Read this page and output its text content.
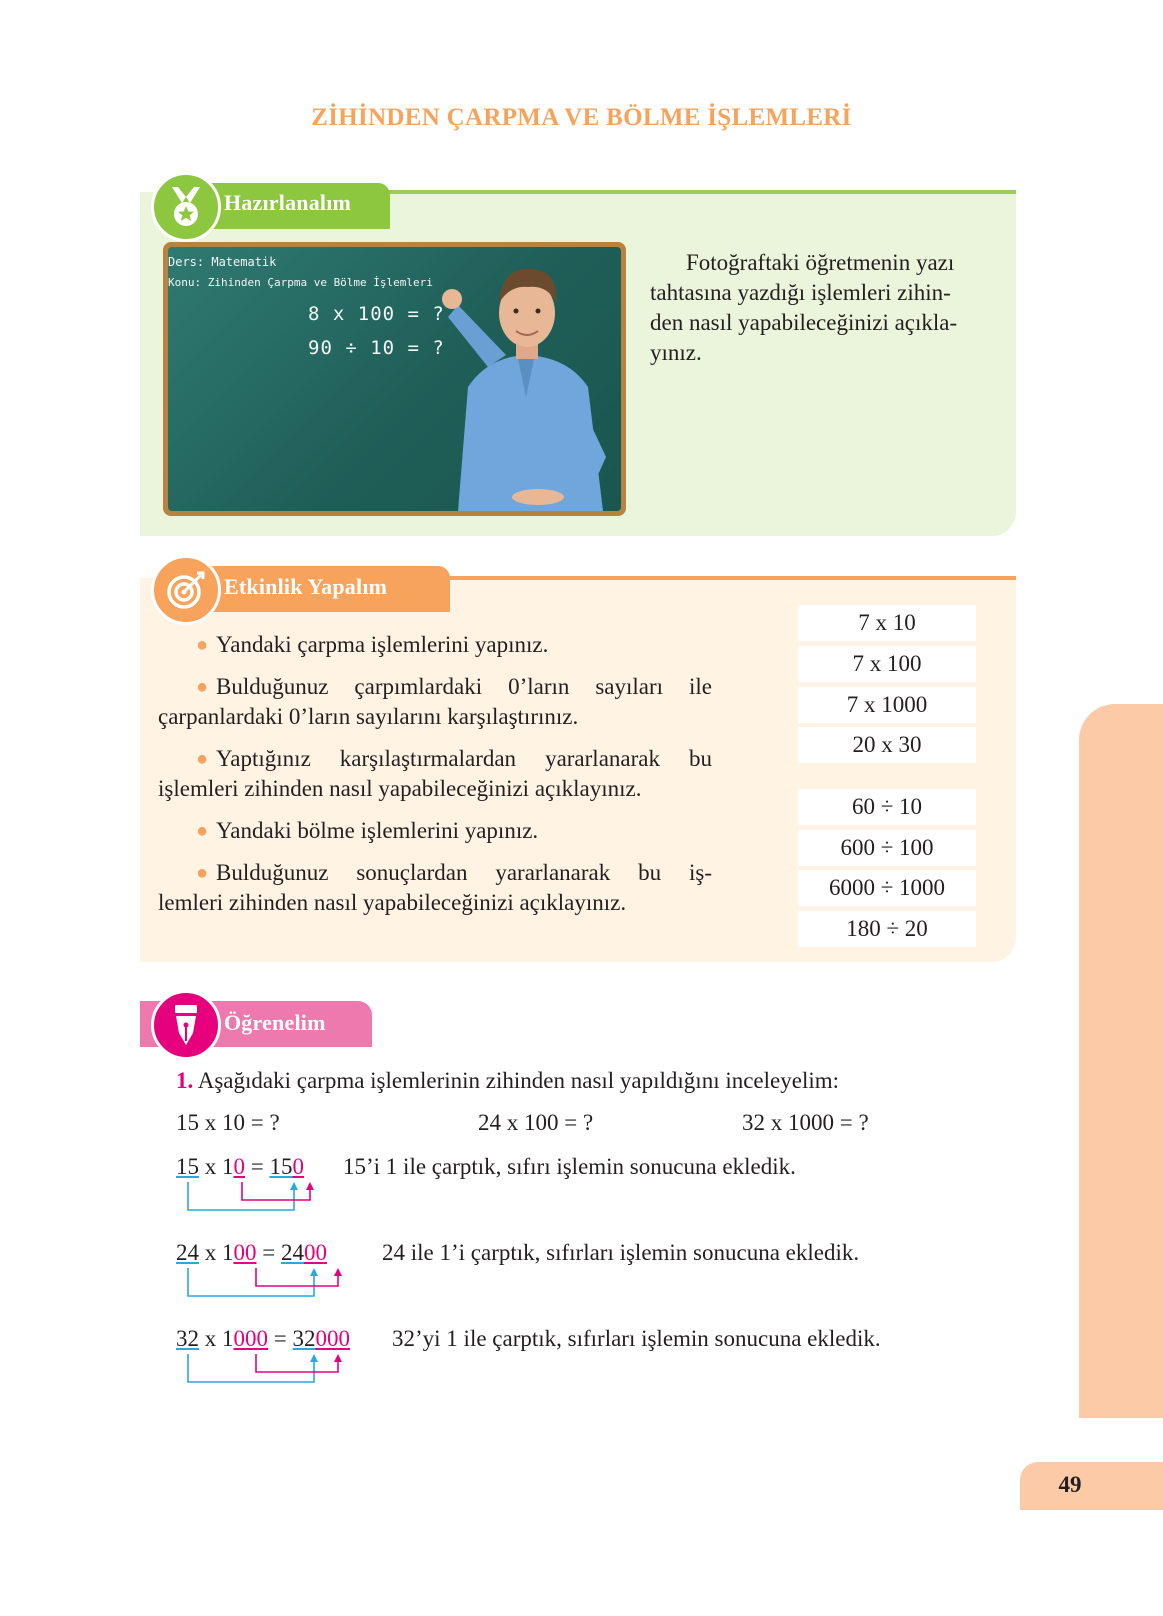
ZİHİNDEN ÇARPMA VE BÖLME İŞLEMLERİ
Hazırlanalım
Ders: Matematik
Konu: Zihinden Çarpma ve Bölme İşlemleri
8 x 100 = ?
90 ÷ 10 = ?
Fotoğraftaki öğretmenin yazı
tahtasına yazdığı işlemleri zihin-
den nasıl yapabileceğinizi açıkla-
yınız.
Etkinlik Yapalım
● Yandaki çarpma işlemlerini yapınız.
● Bulduğunuz çarpımlardaki 0’ların sayıları ile
çarpanlardaki 0’ların sayılarını karşılaştırınız.
● Yaptığınız karşılaştırmalardan yararlanarak bu
işlemleri zihinden nasıl yapabileceğinizi açıklayınız.
● Yandaki bölme işlemlerini yapınız.
● Bulduğunuz sonuçlardan yararlanarak bu iş-
lemleri zihinden nasıl yapabileceğinizi açıklayınız.
7 x 10
7 x 100
7 x 1000
20 x 30
60 ÷ 10
600 ÷ 100
6000 ÷ 1000
180 ÷ 20
Öğrenelim
1. Aşağıdaki çarpma işlemlerinin zihinden nasıl yapıldığını inceleyelim:
15 x 10 = ?	24 x 100 = ?	32 x 1000 = ?
15 x 10 = 150 15’i 1 ile çarptık, sıfırı işlemin sonucuna ekledik.
24 x 100 = 2400 24 ile 1’i çarptık, sıfırları işlemin sonucuna ekledik.
32 x 1000 = 32000 32’yi 1 ile çarptık, sıfırları işlemin sonucuna ekledik.
49
